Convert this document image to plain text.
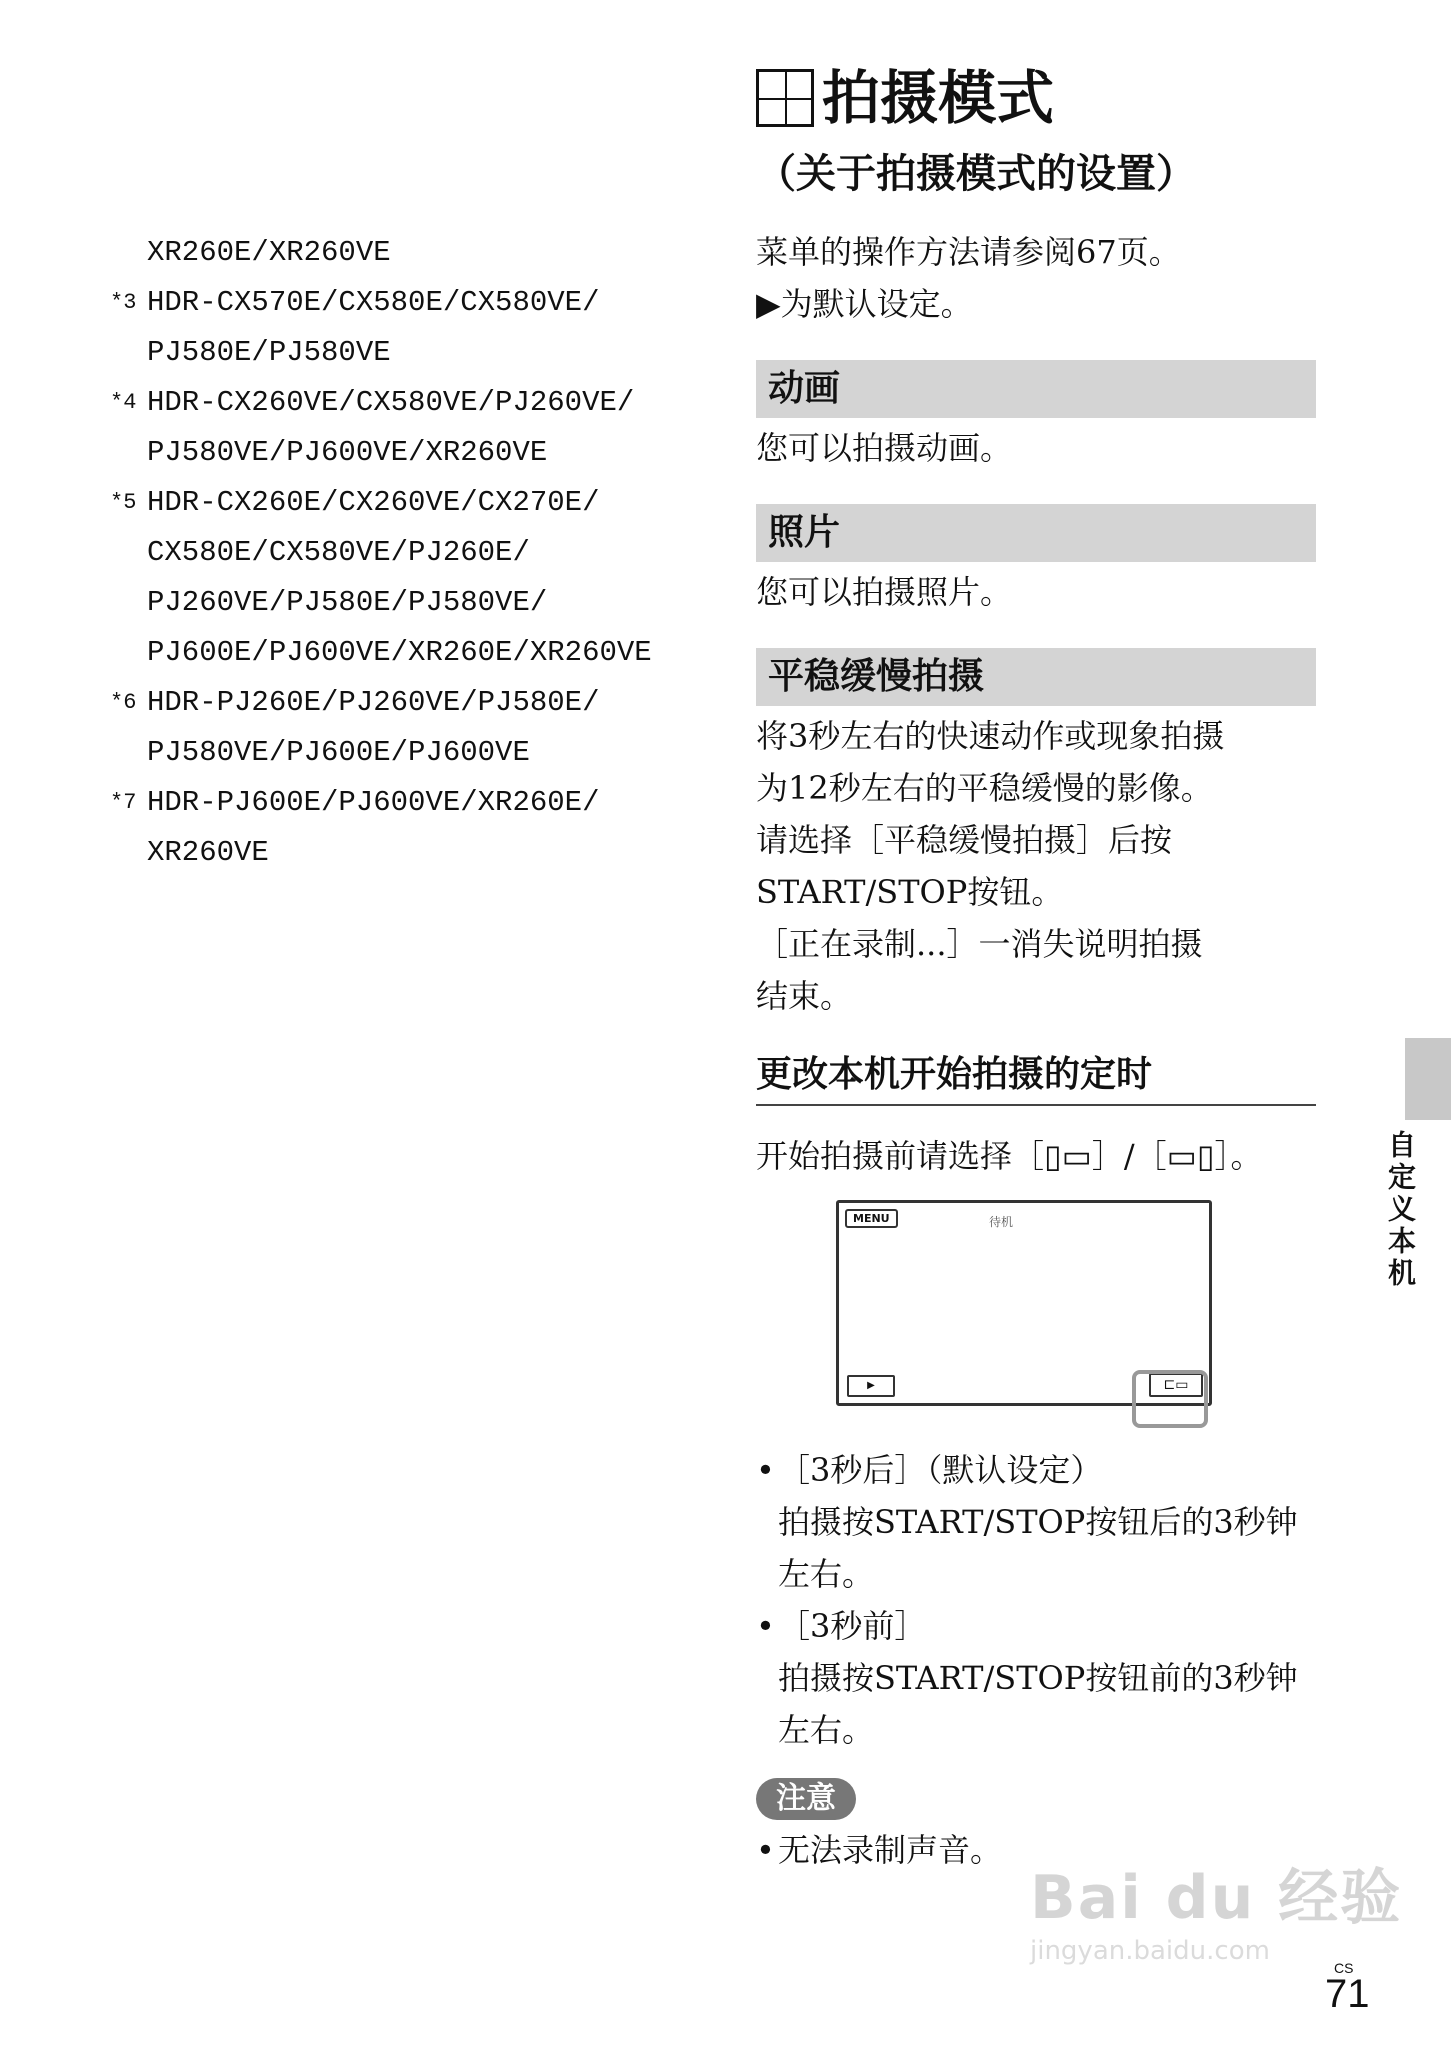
XR260E/XR260VE
*3 HDR-CX570E/CX580E/CX580VE/
PJ580E/PJ580VE
*4 HDR-CX260VE/CX580VE/PJ260VE/
PJ580VE/PJ600VE/XR260VE
*5 HDR-CX260E/CX260VE/CX270E/
CX580E/CX580VE/PJ260E/
PJ260VE/PJ580E/PJ580VE/
PJ600E/PJ600VE/XR260E/XR260VE
*6 HDR-PJ260E/PJ260VE/PJ580E/
PJ580VE/PJ600E/PJ600VE
*7 HDR-PJ600E/PJ600VE/XR260E/
XR260VE
拍摄模式
（关于拍摄模式的设置）
菜单的操作方法请参阅67页。
▶为默认设定。
动画
您可以拍摄动画。
照片
您可以拍摄照片。
平稳缓慢拍摄
将3秒左右的快速动作或现象拍摄
为12秒左右的平稳缓慢的影像。
请选择［平稳缓慢拍摄］后按
START/STOP按钮。
［正在录制...］一消失说明拍摄
结束。
更改本机开始拍摄的定时
开始拍摄前请选择［▯▭］/［▭▯］。
MENU	待机
▶	⊏▭
• ［3秒后］（默认设定）
拍摄按START/STOP按钮后的3秒钟
左右。
• ［3秒前］
拍摄按START/STOP按钮前的3秒钟
左右。
注意
• 无法录制声音。
自定义本机
Bai du 经验
jingyan.baidu.com
CS
71
